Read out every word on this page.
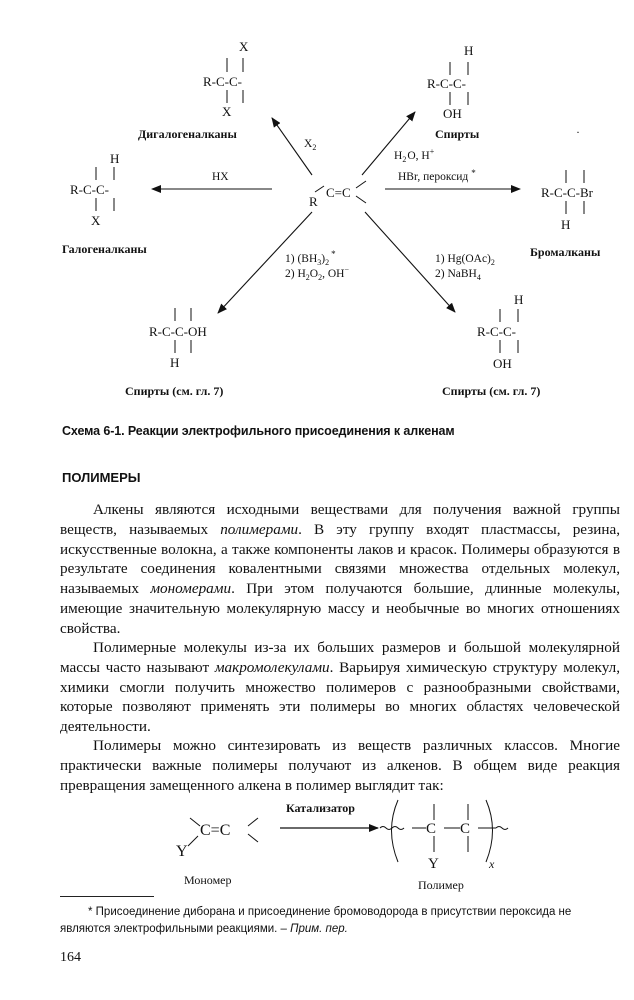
R
C=C
$X_2$
$H_2O$, H+
HX	HBr, пероксид *
1) $(BH_3)_2^*$
2) $H_2O_2$, OH−
1) $Hg(OAc)_2$
2) NaBH$_4$
X
R-C-C-
X
Дигалогеналканы
H
R-C-C-
OH
Спирты	·
H
R-C-C-
X
Галогеналканы
R-C-C-Br
H
Бромалканы
R-C-C-OH
H
Спирты (см. гл. 7)
H
R-C-C-
OH
Спирты (см. гл. 7)
Схема 6-1. Реакции электрофильного присоединения к алкенам
ПОЛИМЕРЫ

Алкены являются исходными веществами для получения важной группы веществ, называемых полимерами. В эту группу входят пластмассы, резина, искусственные волокна, а также компоненты лаков и красок. Полимеры образуются в результате соединения ковалентными связями множества отдельных молекул, называемых мономерами. При этом получаются большие, длинные молекулы, имеющие значительную молекулярную массу и необычные во многих отношениях свойства.

Полимерные молекулы из-за их больших размеров и большой молекулярной массы часто называют макромолекулами. Варьируя химическую структуру молекул, химики смогли получить множество полимеров с разнообразными свойствами, которые позволяют применять эти полимеры во многих областях человеческой деятельности.

Полимеры можно синтезировать из веществ различных классов. Многие практически важные полимеры получают из алкенов. В общем виде реакция превращения замещенного алкена в полимер выглядит так:

C=C
Y
Мономер
Катализатор
C C
Y	x
Полимер

* Присоединение диборана и присоединение бромоводорода в присутствии пероксида не являются электрофильными реакциями. – Прим. пер.

164
